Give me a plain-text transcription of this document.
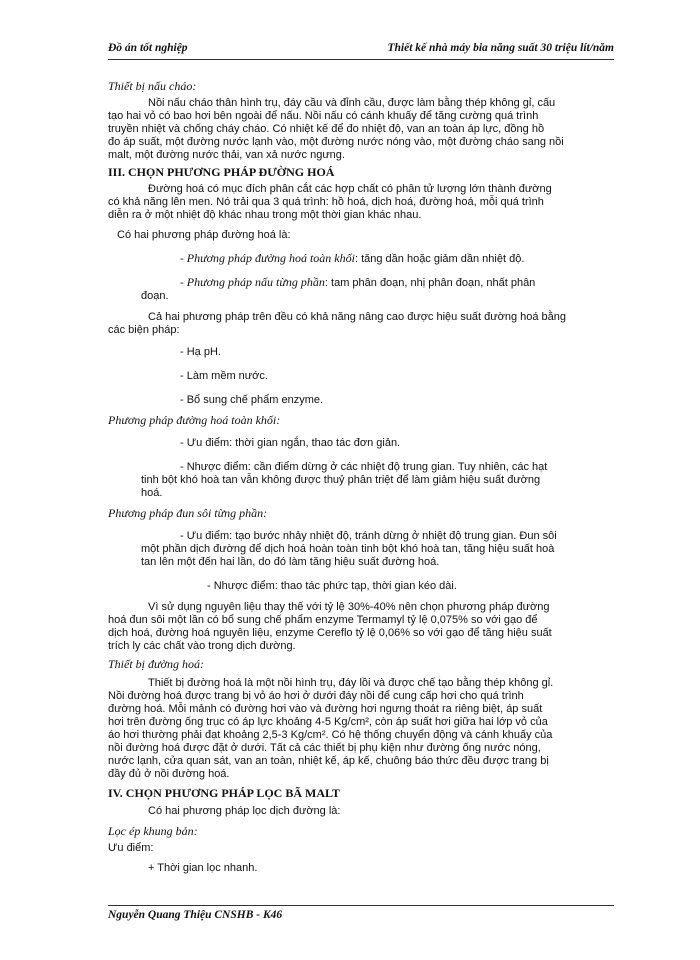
Đồ án tốt nghiệp	Thiết kế nhà máy bia năng suất 30 triệu lít/năm
Thiết bị nấu cháo:
Nồi nấu cháo thân hình trụ, đáy cầu và đỉnh cầu, được làm bằng thép không gỉ, cấu
tạo hai vỏ có bao hơi bên ngoài để nấu. Nồi nấu có cánh khuấy để tăng cường quá trình
truyền nhiệt và chống cháy cháo. Có nhiệt kế để đo nhiệt độ, van an toàn áp lực, đồng hồ
đo áp suất, một đường nước lạnh vào, một đường nước nóng vào, một đường cháo sang nồi
malt, một đường nước thải, van xả nước ngưng.
III. CHỌN PHƯƠNG PHÁP ĐƯỜNG HOÁ
Đường hoá có mục đích phân cắt các hợp chất có phân tử lượng lớn thành đường
có khả năng lên men. Nó trải qua 3 quá trình: hồ hoá, dịch hoá, đường hoá, mỗi quá trình
diễn ra ở một nhiệt độ khác nhau trong một thời gian khác nhau.
Có hai phương pháp đường hoá là:
- Phương pháp đường hoá toàn khối: tăng dần hoặc giảm dần nhiệt độ.
- Phương pháp nấu từng phần: tam phân đoạn, nhị phân đoạn, nhất phân
đoạn.
Cả hai phương pháp trên đều có khả năng nâng cao được hiệu suất đường hoá bằng
các biện pháp:
- Hạ pH.
- Làm mềm nước.
- Bổ sung chế phẩm enzyme.
Phương pháp đường hoá toàn khối:
- Ưu điểm: thời gian ngắn, thao tác đơn giản.
- Nhược điểm: cần điểm dừng ở các nhiệt độ trung gian. Tuy nhiên, các hạt
tinh bột khó hoà tan vẫn không được thuỷ phân triệt để làm giảm hiệu suất đường
hoá.
Phương pháp đun sôi từng phần:
- Ưu điểm: tạo bước nhảy nhiệt độ, tránh dừng ở nhiệt độ trung gian. Đun sôi
một phần dịch đường để dịch hoá hoàn toàn tinh bột khó hoà tan, tăng hiệu suất hoà
tan lên một đến hai lần, do đó làm tăng hiệu suất đường hoá.
- Nhược điểm: thao tác phức tạp, thời gian kéo dài.
Vì sử dụng nguyên liệu thay thế với tỷ lệ 30%-40% nên chọn phương pháp đường
hoá đun sôi một lần có bổ sung chế phẩm enzyme Termamyl tỷ lệ 0,075% so với gạo để
dịch hoá, đường hoá nguyên liệu, enzyme Cereflo tỷ lệ 0,06% so với gạo để tăng hiệu suất
trích ly các chất vào trong dịch đường.
Thiết bị đường hoá:
Thiết bị đường hoá là một nồi hình trụ, đáy lồi và được chế tạo bằng thép không gỉ.
Nồi đường hoá được trang bị vỏ áo hơi ở dưới đáy nồi để cung cấp hơi cho quá trình
đường hoá. Mỗi mảnh có đường hơi vào và đường hơi ngưng thoát ra riêng biệt, áp suất
hơi trên đường ống trục có áp lực khoảng 4-5 Kg/cm², còn áp suất hơi giữa hai lớp vỏ của
áo hơi thường phải đạt khoảng 2,5-3 Kg/cm². Có hệ thống chuyển động và cánh khuấy của
nồi đường hoá được đặt ở dưới. Tất cả các thiết bị phụ kiện như đường ống nước nóng,
nước lạnh, cửa quan sát, van an toàn, nhiệt kế, áp kế, chuông báo thức đều được trang bị
đầy đủ ở nồi đường hoá.
IV. CHỌN PHƯƠNG PHÁP LỌC BÃ MALT
Có hai phương pháp lọc dịch đường là:
Lọc ép khung bản:
Ưu điểm:
+ Thời gian lọc nhanh.
Nguyễn Quang Thiệu CNSHB - K46
